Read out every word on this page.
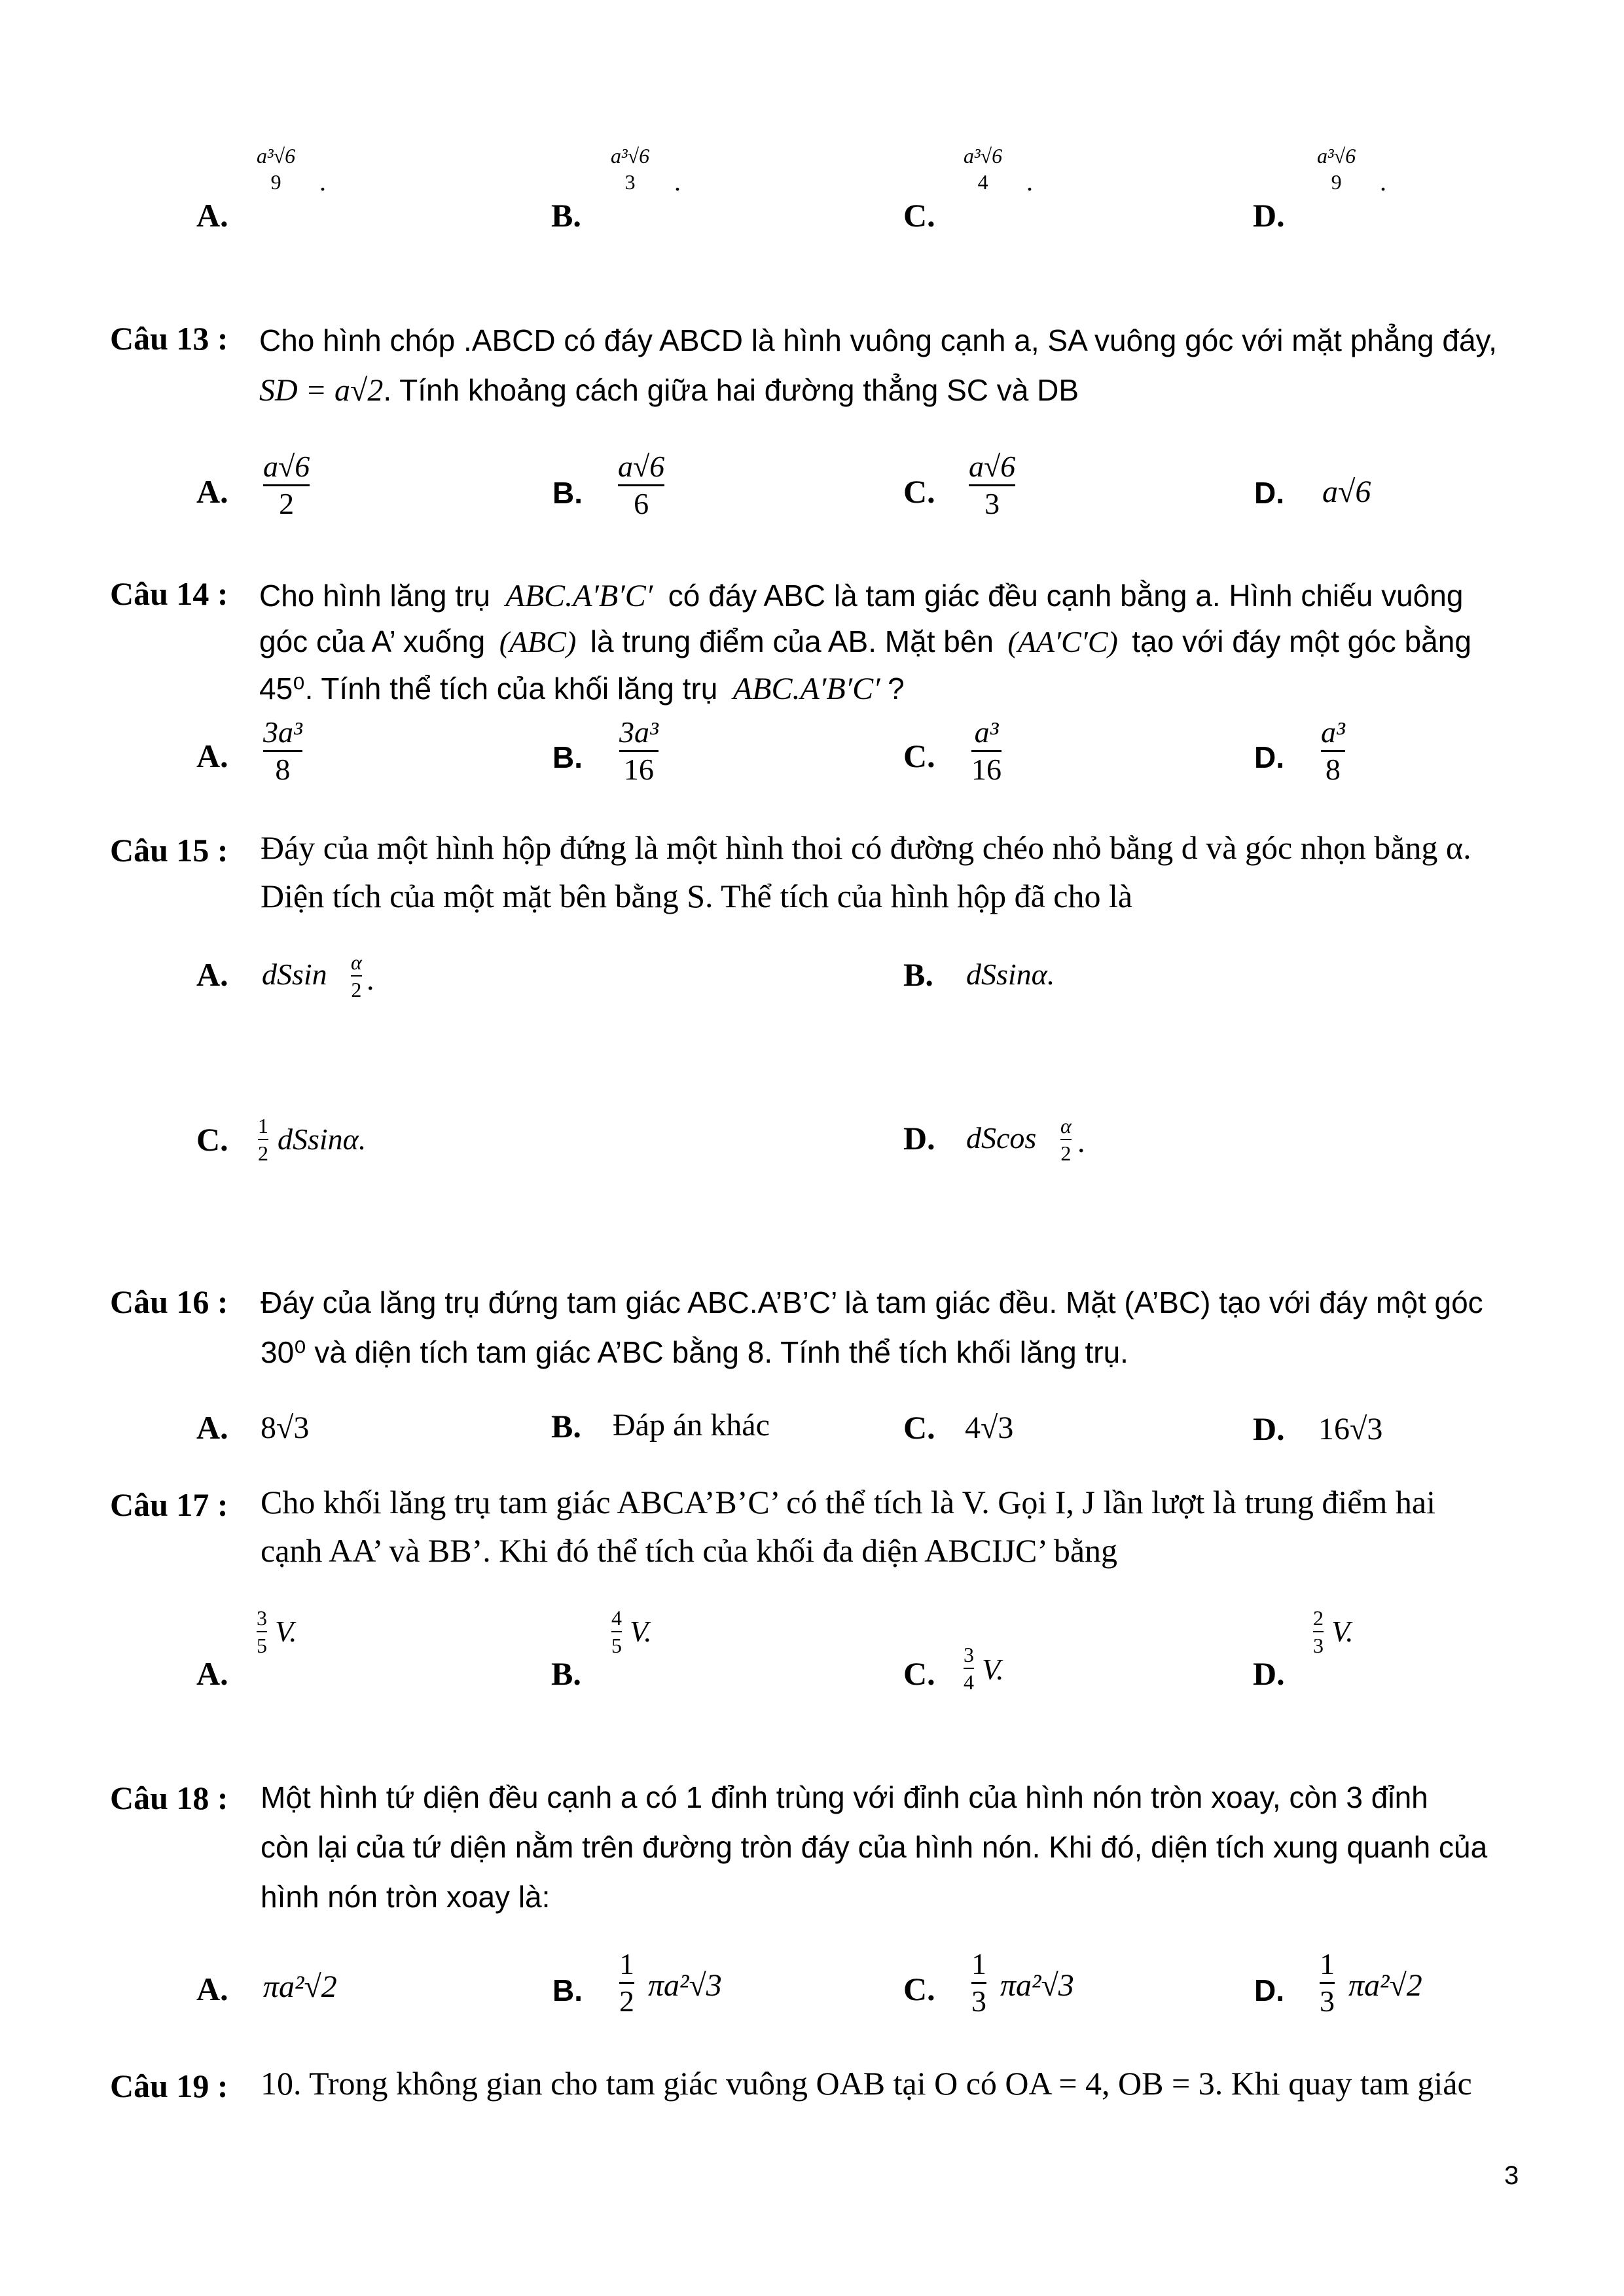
A.
a³√6
9 .
B.
a³√6
3 .
C.
a³√6
4 .
D.
a³√6
9 .
Câu 13 : Cho hình chóp .ABCD có đáy ABCD là hình vuông cạnh a, SA vuông góc với mặt phẳng đáy,
SD = a√2. Tính khoảng cách giữa hai đường thẳng SC và DB
A.
a√6
2	B.
a√6
6	C.
a√6
3	D. a√6
Câu 14 : Cho hình lăng trụ ABC.A′B′C′ có đáy ABC là tam giác đều cạnh bằng a. Hình chiếu vuông
góc của A’ xuống (ABC) là trung điểm của AB. Mặt bên (AA′C′C) tạo với đáy một góc bằng
45⁰. Tính thể tích của khối lăng trụ ABC.A′B′C′ ?
A.
3a³
8	B.
3a³
16	C.
a³
16	D.
a³
8
Câu 15 : Đáy của một hình hộp đứng là một hình thoi có đường chéo nhỏ bằng d và góc nhọn bằng α.
Diện tích của một mặt bên bằng S. Thể tích của hình hộp đã cho là
A. dSsin α
2 .	B. dSsinα.
C. 1
2 dSsinα.	D. dScos α
2 .
Câu 16 : Đáy của lăng trụ đứng tam giác ABC.A’B’C’ là tam giác đều. Mặt (A’BC) tạo với đáy một góc
30⁰ và diện tích tam giác A’BC bằng 8. Tính thể tích khối lăng trụ.
A. 8√3	B. Đáp án khác	C. 4√3	D. 16√3
Câu 17 : Cho khối lăng trụ tam giác ABCA’B’C’ có thể tích là V. Gọi I, J lần lượt là trung điểm hai
cạnh AA’ và BB’. Khi đó thể tích của khối đa diện ABCIJC’ bằng
A.
3
5 V.
B.
4
5 V.
C.
3
4 V.	D.
2
3 V.
Câu 18 : Một hình tứ diện đều cạnh a có 1 đỉnh trùng với đỉnh của hình nón tròn xoay, còn 3 đỉnh
còn lại của tứ diện nằm trên đường tròn đáy của hình nón. Khi đó, diện tích xung quanh của
hình nón tròn xoay là:
A. πa²√2	B.
1
2 πa²√3	C.
1
3 πa²√3	D.
1
3 πa²√2
Câu 19 : 10. Trong không gian cho tam giác vuông OAB tại O có OA = 4, OB = 3. Khi quay tam giác
3
